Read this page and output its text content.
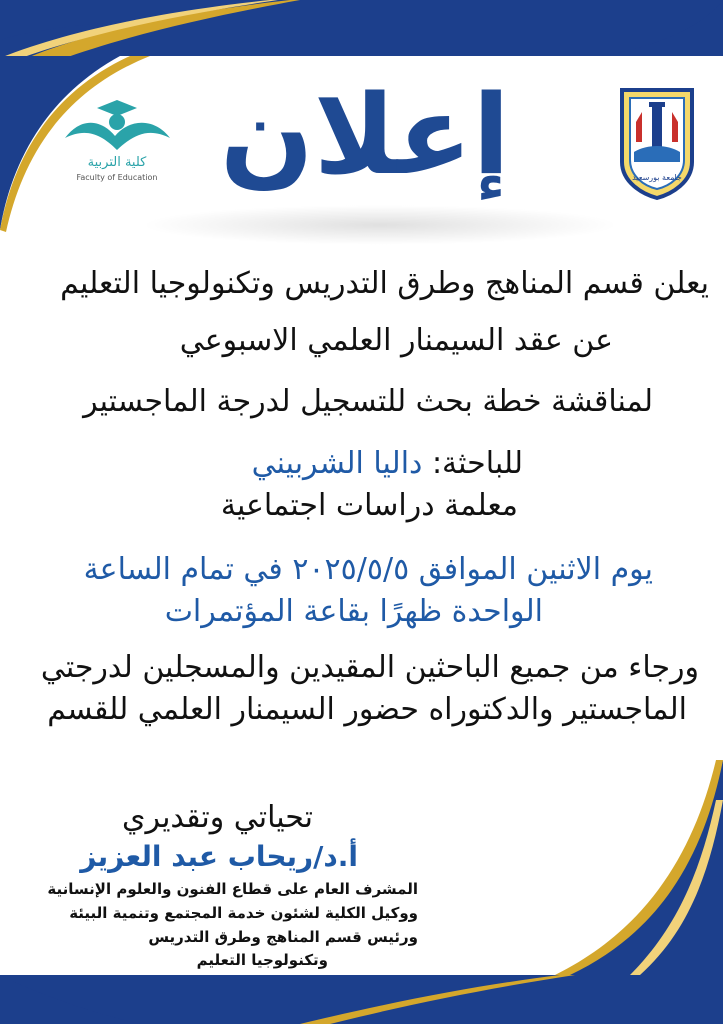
كلية التربية
Faculty of Education إعلان	جامعة بورسعيد
يعلن قسم المناهج وطرق التدريس وتكنولوجيا التعليم
عن عقد السيمنار العلمي الاسبوعي
لمناقشة خطة بحث للتسجيل لدرجة الماجستير
للباحثة: داليا الشربيني
معلمة دراسات اجتماعية
يوم الاثنين الموافق ٢٠٢٥/٥/٥ في تمام الساعة
الواحدة ظهرًا بقاعة المؤتمرات
ورجاء من جميع الباحثين المقيدين والمسجلين لدرجتي
الماجستير والدكتوراه حضور السيمنار العلمي للقسم
تحياتي وتقديري
أ.د/ريحاب عبد العزيز
المشرف العام على قطاع الفنون والعلوم الإنسانية
ووكيل الكلية لشئون خدمة المجتمع وتنمية البيئة
ورئيس قسم المناهج وطرق التدريس
وتكنولوجيا التعليم
